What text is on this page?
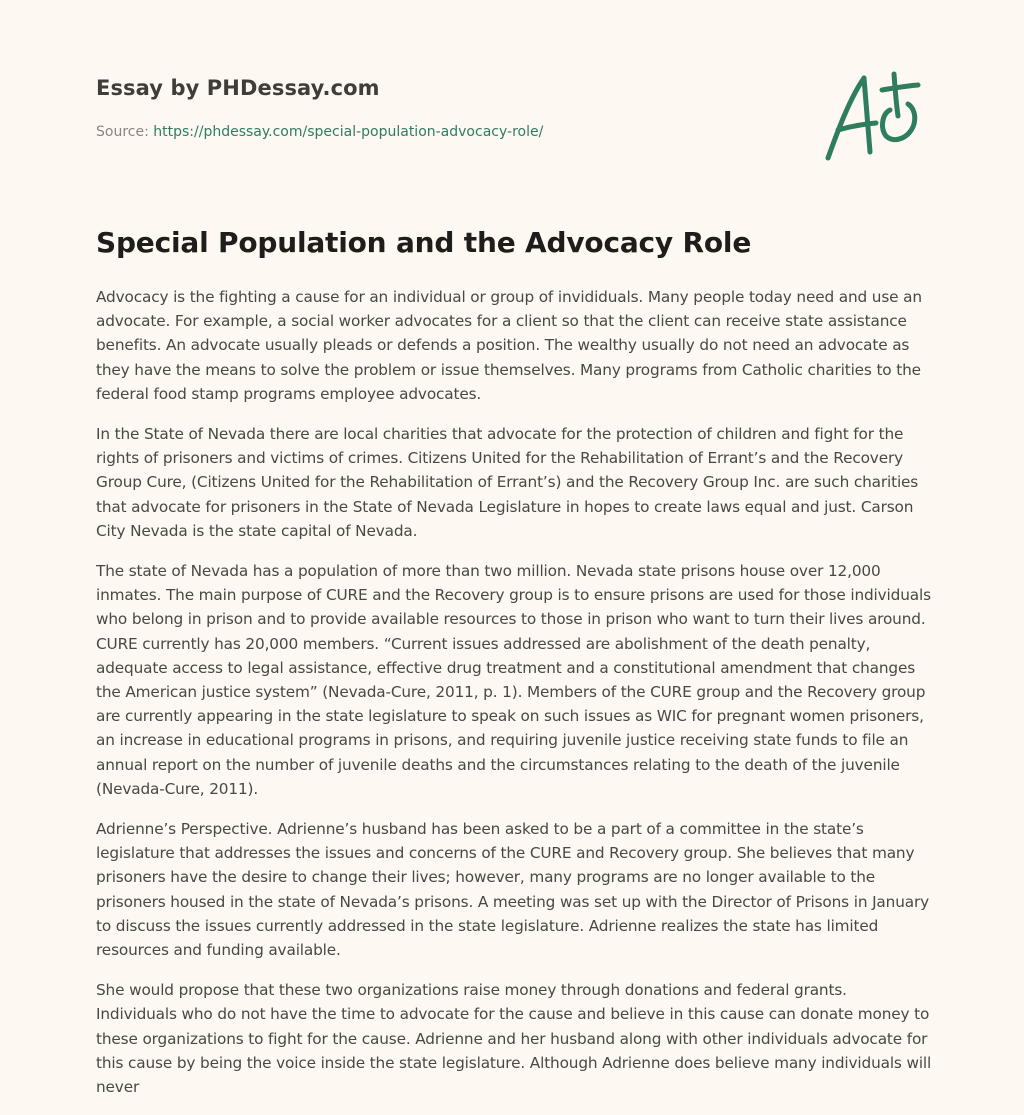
Essay by PHDessay.com
Source: https://phdessay.com/special-population-advocacy-role/
Special Population and the Advocacy Role

Advocacy is the fighting a cause for an individual or group of invididuals. Many people today need and use an advocate. For example, a social worker advocates for a client so that the client can receive state assistance benefits. An advocate usually pleads or defends a position. The wealthy usually do not need an advocate as they have the means to solve the problem or issue themselves. Many programs from Catholic charities to the federal food stamp programs employee advocates.

In the State of Nevada there are local charities that advocate for the protection of children and fight for the rights of prisoners and victims of crimes. Citizens United for the Rehabilitation of Errant’s and the Recovery Group Cure, (Citizens United for the Rehabilitation of Errant’s) and the Recovery Group Inc. are such charities that advocate for prisoners in the State of Nevada Legislature in hopes to create laws equal and just. Carson City Nevada is the state capital of Nevada.

The state of Nevada has a population of more than two million. Nevada state prisons house over 12,000 inmates. The main purpose of CURE and the Recovery group is to ensure prisons are used for those individuals who belong in prison and to provide available resources to those in prison who want to turn their lives around. CURE currently has 20,000 members. “Current issues addressed are abolishment of the death penalty, adequate access to legal assistance, effective drug treatment and a constitutional amendment that changes the American justice system” (Nevada-Cure, 2011, p. 1). Members of the CURE group and the Recovery group are currently appearing in the state legislature to speak on such issues as WIC for pregnant women prisoners, an increase in educational programs in prisons, and requiring juvenile justice receiving state funds to file an annual report on the number of juvenile deaths and the circumstances relating to the death of the juvenile (Nevada-Cure, 2011).

Adrienne’s Perspective. Adrienne’s husband has been asked to be a part of a committee in the state’s legislature that addresses the issues and concerns of the CURE and Recovery group. She believes that many prisoners have the desire to change their lives; however, many programs are no longer available to the prisoners housed in the state of Nevada’s prisons. A meeting was set up with the Director of Prisons in January to discuss the issues currently addressed in the state legislature. Adrienne realizes the state has limited resources and funding available.

She would propose that these two organizations raise money through donations and federal grants. Individuals who do not have the time to advocate for the cause and believe in this cause can donate money to these organizations to fight for the cause. Adrienne and her husband along with other individuals advocate for this cause by being the voice inside the state legislature. Although Adrienne does believe many individuals will never
